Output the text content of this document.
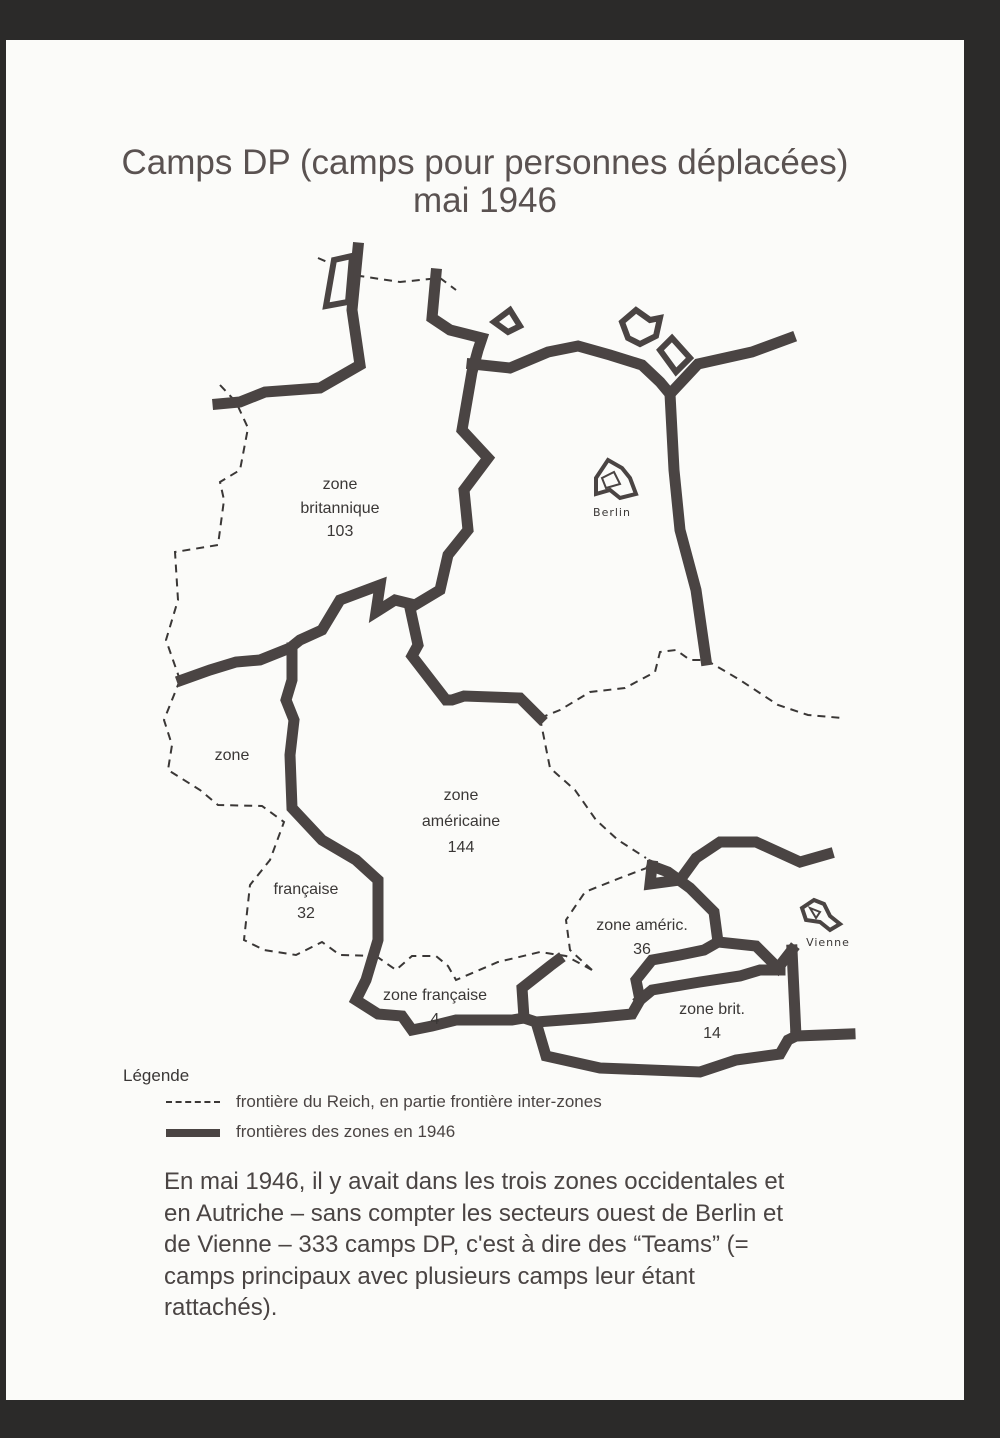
Camps DP (camps pour personnes déplacées)
mai 1946
zone
britannique
103
Berlin
zone
zone
américaine
144
française
32
zone améric.
36	Vienne
zone française
4
zone brit.
14
Légende
frontière du Reich, en partie frontière inter-zones
frontières des zones en 1946
En mai 1946, il y avait dans les trois zones occidentales et en Autriche – sans compter les secteurs ouest de Berlin et de Vienne – 333 camps DP, c'est à dire des “Teams” (= camps principaux avec plusieurs camps leur étant rattachés).
